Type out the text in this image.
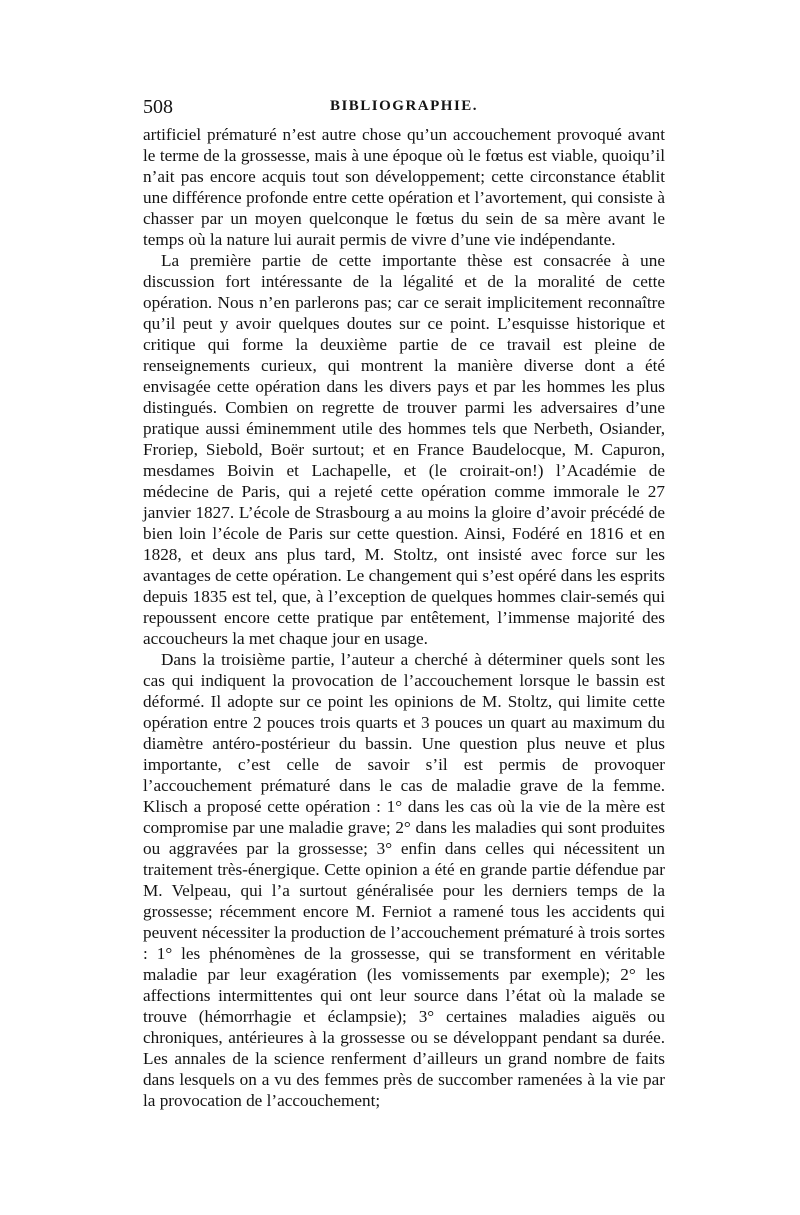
508	BIBLIOGRAPHIE.

artificiel prématuré n’est autre chose qu’un accouchement provoqué avant le terme de la grossesse, mais à une époque où le fœtus est viable, quoiqu’il n’ait pas encore acquis tout son développement; cette circonstance établit une différence profonde entre cette opération et l’avortement, qui consiste à chasser par un moyen quelconque le fœtus du sein de sa mère avant le temps où la nature lui aurait permis de vivre d’une vie indépendante.

La première partie de cette importante thèse est consacrée à une discussion fort intéressante de la légalité et de la moralité de cette opération. Nous n’en parlerons pas; car ce serait implicitement reconnaître qu’il peut y avoir quelques doutes sur ce point. L’esquisse historique et critique qui forme la deuxième partie de ce travail est pleine de renseignements curieux, qui montrent la manière diverse dont a été envisagée cette opération dans les divers pays et par les hommes les plus distingués. Combien on regrette de trouver parmi les adversaires d’une pratique aussi éminemment utile des hommes tels que Nerbeth, Osiander, Froriep, Siebold, Boër surtout; et en France Baudelocque, M. Capuron, mesdames Boivin et Lachapelle, et (le croirait-on!) l’Académie de médecine de Paris, qui a rejeté cette opération comme immorale le 27 janvier 1827. L’école de Strasbourg a au moins la gloire d’avoir précédé de bien loin l’école de Paris sur cette question. Ainsi, Fodéré en 1816 et en 1828, et deux ans plus tard, M. Stoltz, ont insisté avec force sur les avantages de cette opération. Le changement qui s’est opéré dans les esprits depuis 1835 est tel, que, à l’exception de quelques hommes clair-semés qui repoussent encore cette pratique par entêtement, l’immense majorité des accoucheurs la met chaque jour en usage.

Dans la troisième partie, l’auteur a cherché à déterminer quels sont les cas qui indiquent la provocation de l’accouchement lorsque le bassin est déformé. Il adopte sur ce point les opinions de M. Stoltz, qui limite cette opération entre 2 pouces trois quarts et 3 pouces un quart au maximum du diamètre antéro-postérieur du bassin. Une question plus neuve et plus importante, c’est celle de savoir s’il est permis de provoquer l’accouchement prématuré dans le cas de maladie grave de la femme. Klisch a proposé cette opération : 1° dans les cas où la vie de la mère est compromise par une maladie grave; 2° dans les maladies qui sont produites ou aggravées par la grossesse; 3° enfin dans celles qui nécessitent un traitement très-énergique. Cette opinion a été en grande partie défendue par M. Velpeau, qui l’a surtout généralisée pour les derniers temps de la grossesse; récemment encore M. Ferniot a ramené tous les accidents qui peuvent nécessiter la production de l’accouchement prématuré à trois sortes : 1° les phénomènes de la grossesse, qui se transforment en véritable maladie par leur exagération (les vomissements par exemple); 2° les affections intermittentes qui ont leur source dans l’état où la malade se trouve (hémorrhagie et éclampsie); 3° certaines maladies aiguës ou chroniques, antérieures à la grossesse ou se développant pendant sa durée. Les annales de la science renferment d’ailleurs un grand nombre de faits dans lesquels on a vu des femmes près de succomber ramenées à la vie par la provocation de l’accouchement;
